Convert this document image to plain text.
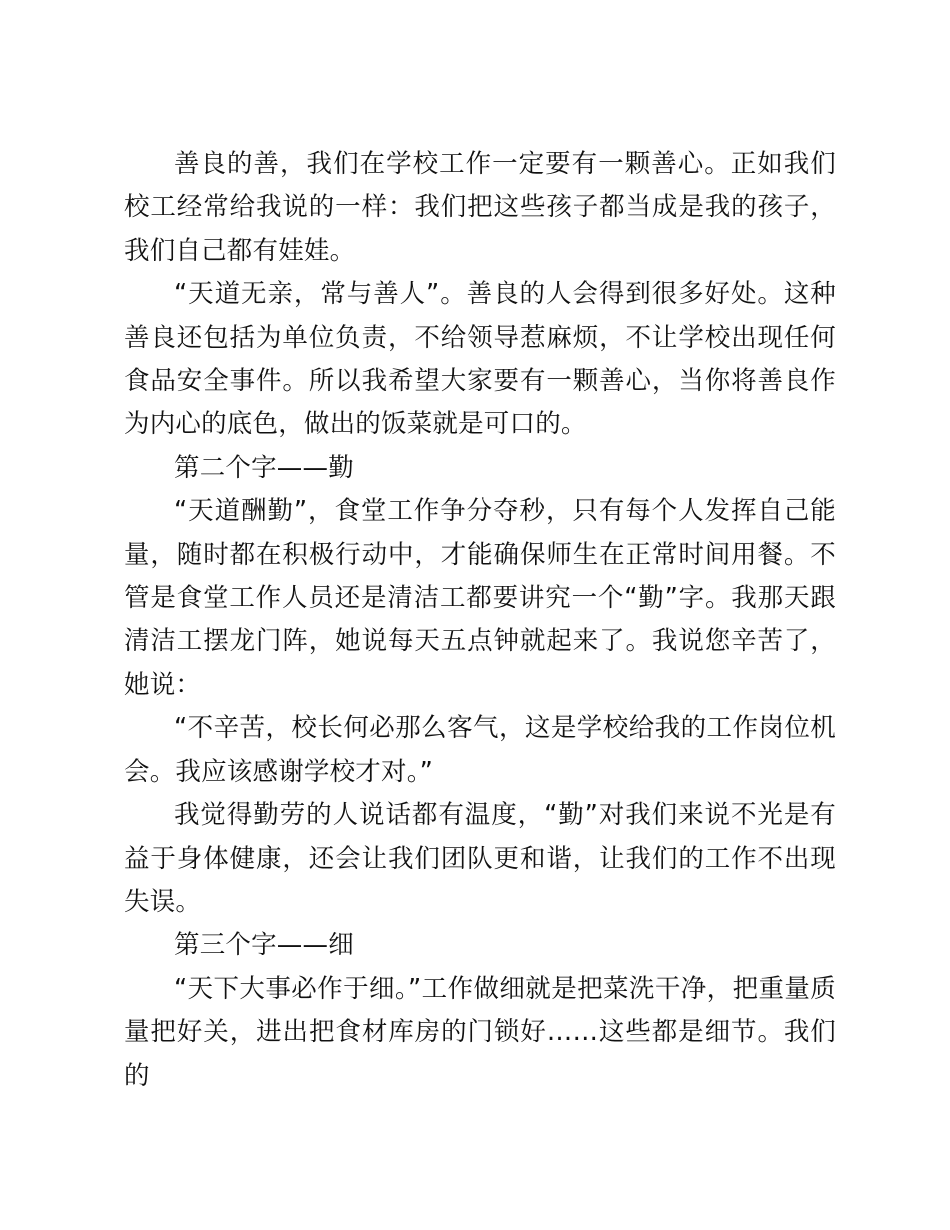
善良的善，我们在学校工作一定要有一颗善心。正如我们校工经常给我说的一样：我们把这些孩子都当成是我的孩子，我们自己都有娃娃。

“天道无亲，常与善人”。善良的人会得到很多好处。这种善良还包括为单位负责，不给领导惹麻烦，不让学校出现任何食品安全事件。所以我希望大家要有一颗善心，当你将善良作为内心的底色，做出的饭菜就是可口的。

第二个字——勤

“天道酬勤”，食堂工作争分夺秒，只有每个人发挥自己能量，随时都在积极行动中，才能确保师生在正常时间用餐。不管是食堂工作人员还是清洁工都要讲究一个“勤”字。我那天跟清洁工摆龙门阵，她说每天五点钟就起来了。我说您辛苦了，她说：

“不辛苦，校长何必那么客气，这是学校给我的工作岗位机会。我应该感谢学校才对。”

我觉得勤劳的人说话都有温度，“勤”对我们来说不光是有益于身体健康，还会让我们团队更和谐，让我们的工作不出现失误。

第三个字——细

“天下大事必作于细。”工作做细就是把菜洗干净，把重量质量把好关，进出把食材库房的门锁好……这些都是细节。我们的
